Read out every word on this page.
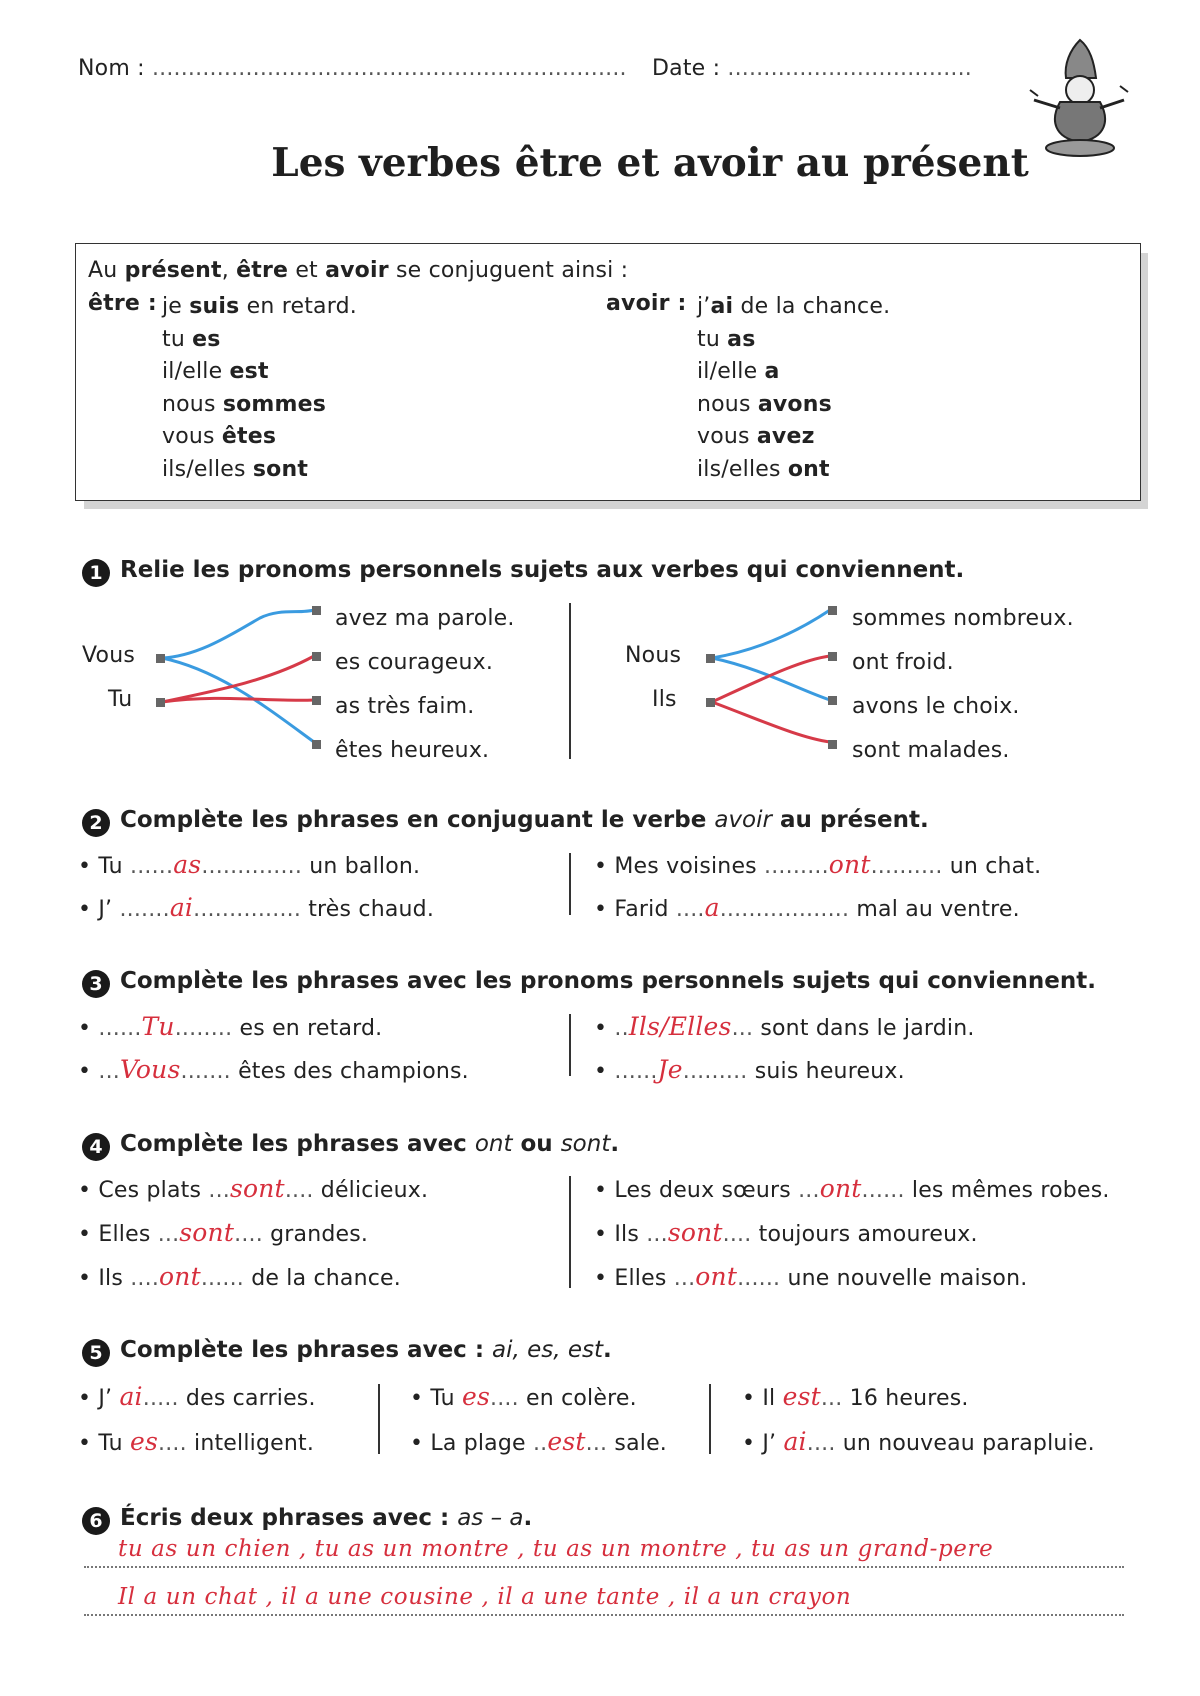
Nom : .................................................................. Date : ..................................
Les verbes être et avoir au présent
Au présent, être et avoir se conjuguent ainsi :
être :	avoir :
je suis en retard.
tu es
il/elle est
nous sommes
vous êtes
ils/elles sont
j’ai de la chance.
tu as
il/elle a
nous avons
vous avez
ils/elles ont
1 Relie les pronoms personnels sujets aux verbes qui conviennent.
Vous
Tu
avez ma parole.
es courageux.
as très faim.
êtes heureux.
Nous
Ils
sommes nombreux.
ont froid.
avons le choix.
sont malades.
2 Complète les phrases en conjuguant le verbe avoir au présent.
• Tu ......as.............. un ballon.
• J’ .......ai............... très chaud.
• Mes voisines .........ont.......... un chat.
• Farid ....a.................. mal au ventre.
3 Complète les phrases avec les pronoms personnels sujets qui conviennent.
• ......Tu........ es en retard.
• ...Vous....... êtes des champions.
• ..Ils/Elles... sont dans le jardin.
• ......Je......... suis heureux.
4 Complète les phrases avec ont ou sont.
• Ces plats ...sont.... délicieux.
• Elles ...sont.... grandes.
• Ils ....ont...... de la chance.
• Les deux sœurs ...ont...... les mêmes robes.
• Ils ...sont.... toujours amoureux.
• Elles ...ont...... une nouvelle maison.
5 Complète les phrases avec : ai, es, est.
• J’ ai..... des carries.
• Tu es.... intelligent.
• Tu es.... en colère.
• La plage ..est... sale.
• Il est... 16 heures.
• J’ ai.... un nouveau parapluie.
6 Écris deux phrases avec : as – a.
tu as un chien , tu as un montre , tu as un montre , tu as un grand-pere
Il a un chat , il a une cousine , il a une tante , il a un crayon
